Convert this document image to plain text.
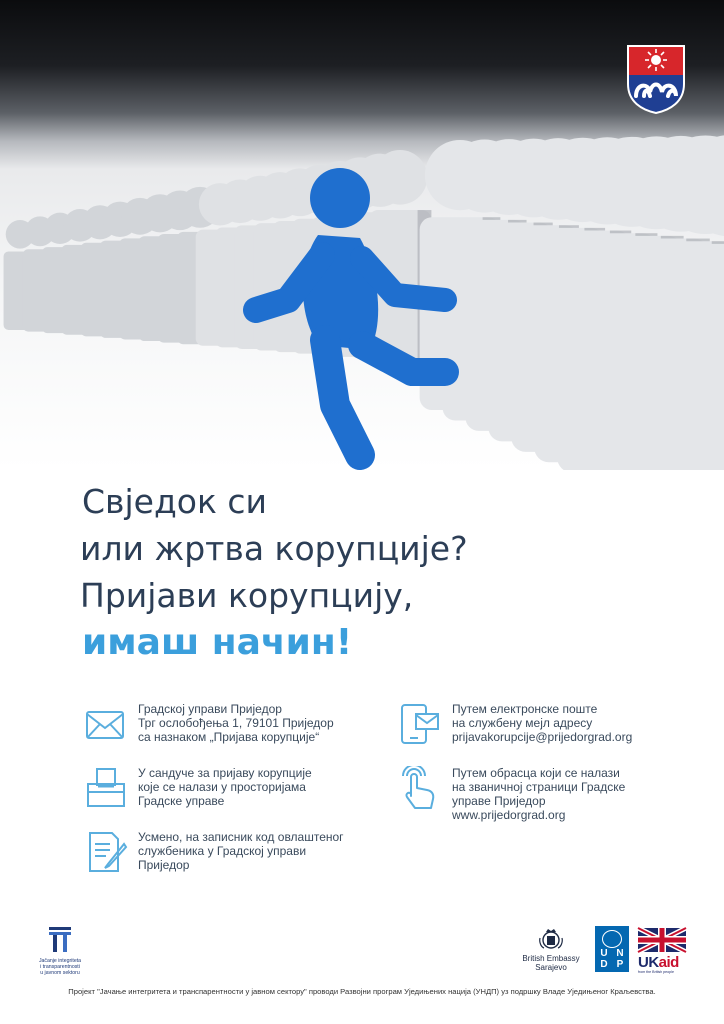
Свједок си

или жртва корупције?

Пријави корупцију,

имаш начин!

Градској управи Приједор
Трг ослобођења 1, 79101 Приједор
са назнаком „Пријава корупције“
У сандуче за пријаву корупције
које се налази у просторијама
Градске управе
Усмено, на записник код овлаштеног
службеника у Градској управи
Приједор
Путем електронске поште
на службену мејл адресу
prijavakorupcije@prijedorgrad.org
Путем обрасца који се налази
на званичној страници Градске
управе Приједор
www.prijedorgrad.org
Jačanje integriteta
i transparentnosti
u javnom sektoru
British Embassy
Sarajevo
U N
D P UKaid
from the British people
Пројект "Јачање интегритета и транспарентности у јавном сектору" проводи Развојни програм Уједињених нација (УНДП) уз подршку Владе Уједињеног Краљевства.
